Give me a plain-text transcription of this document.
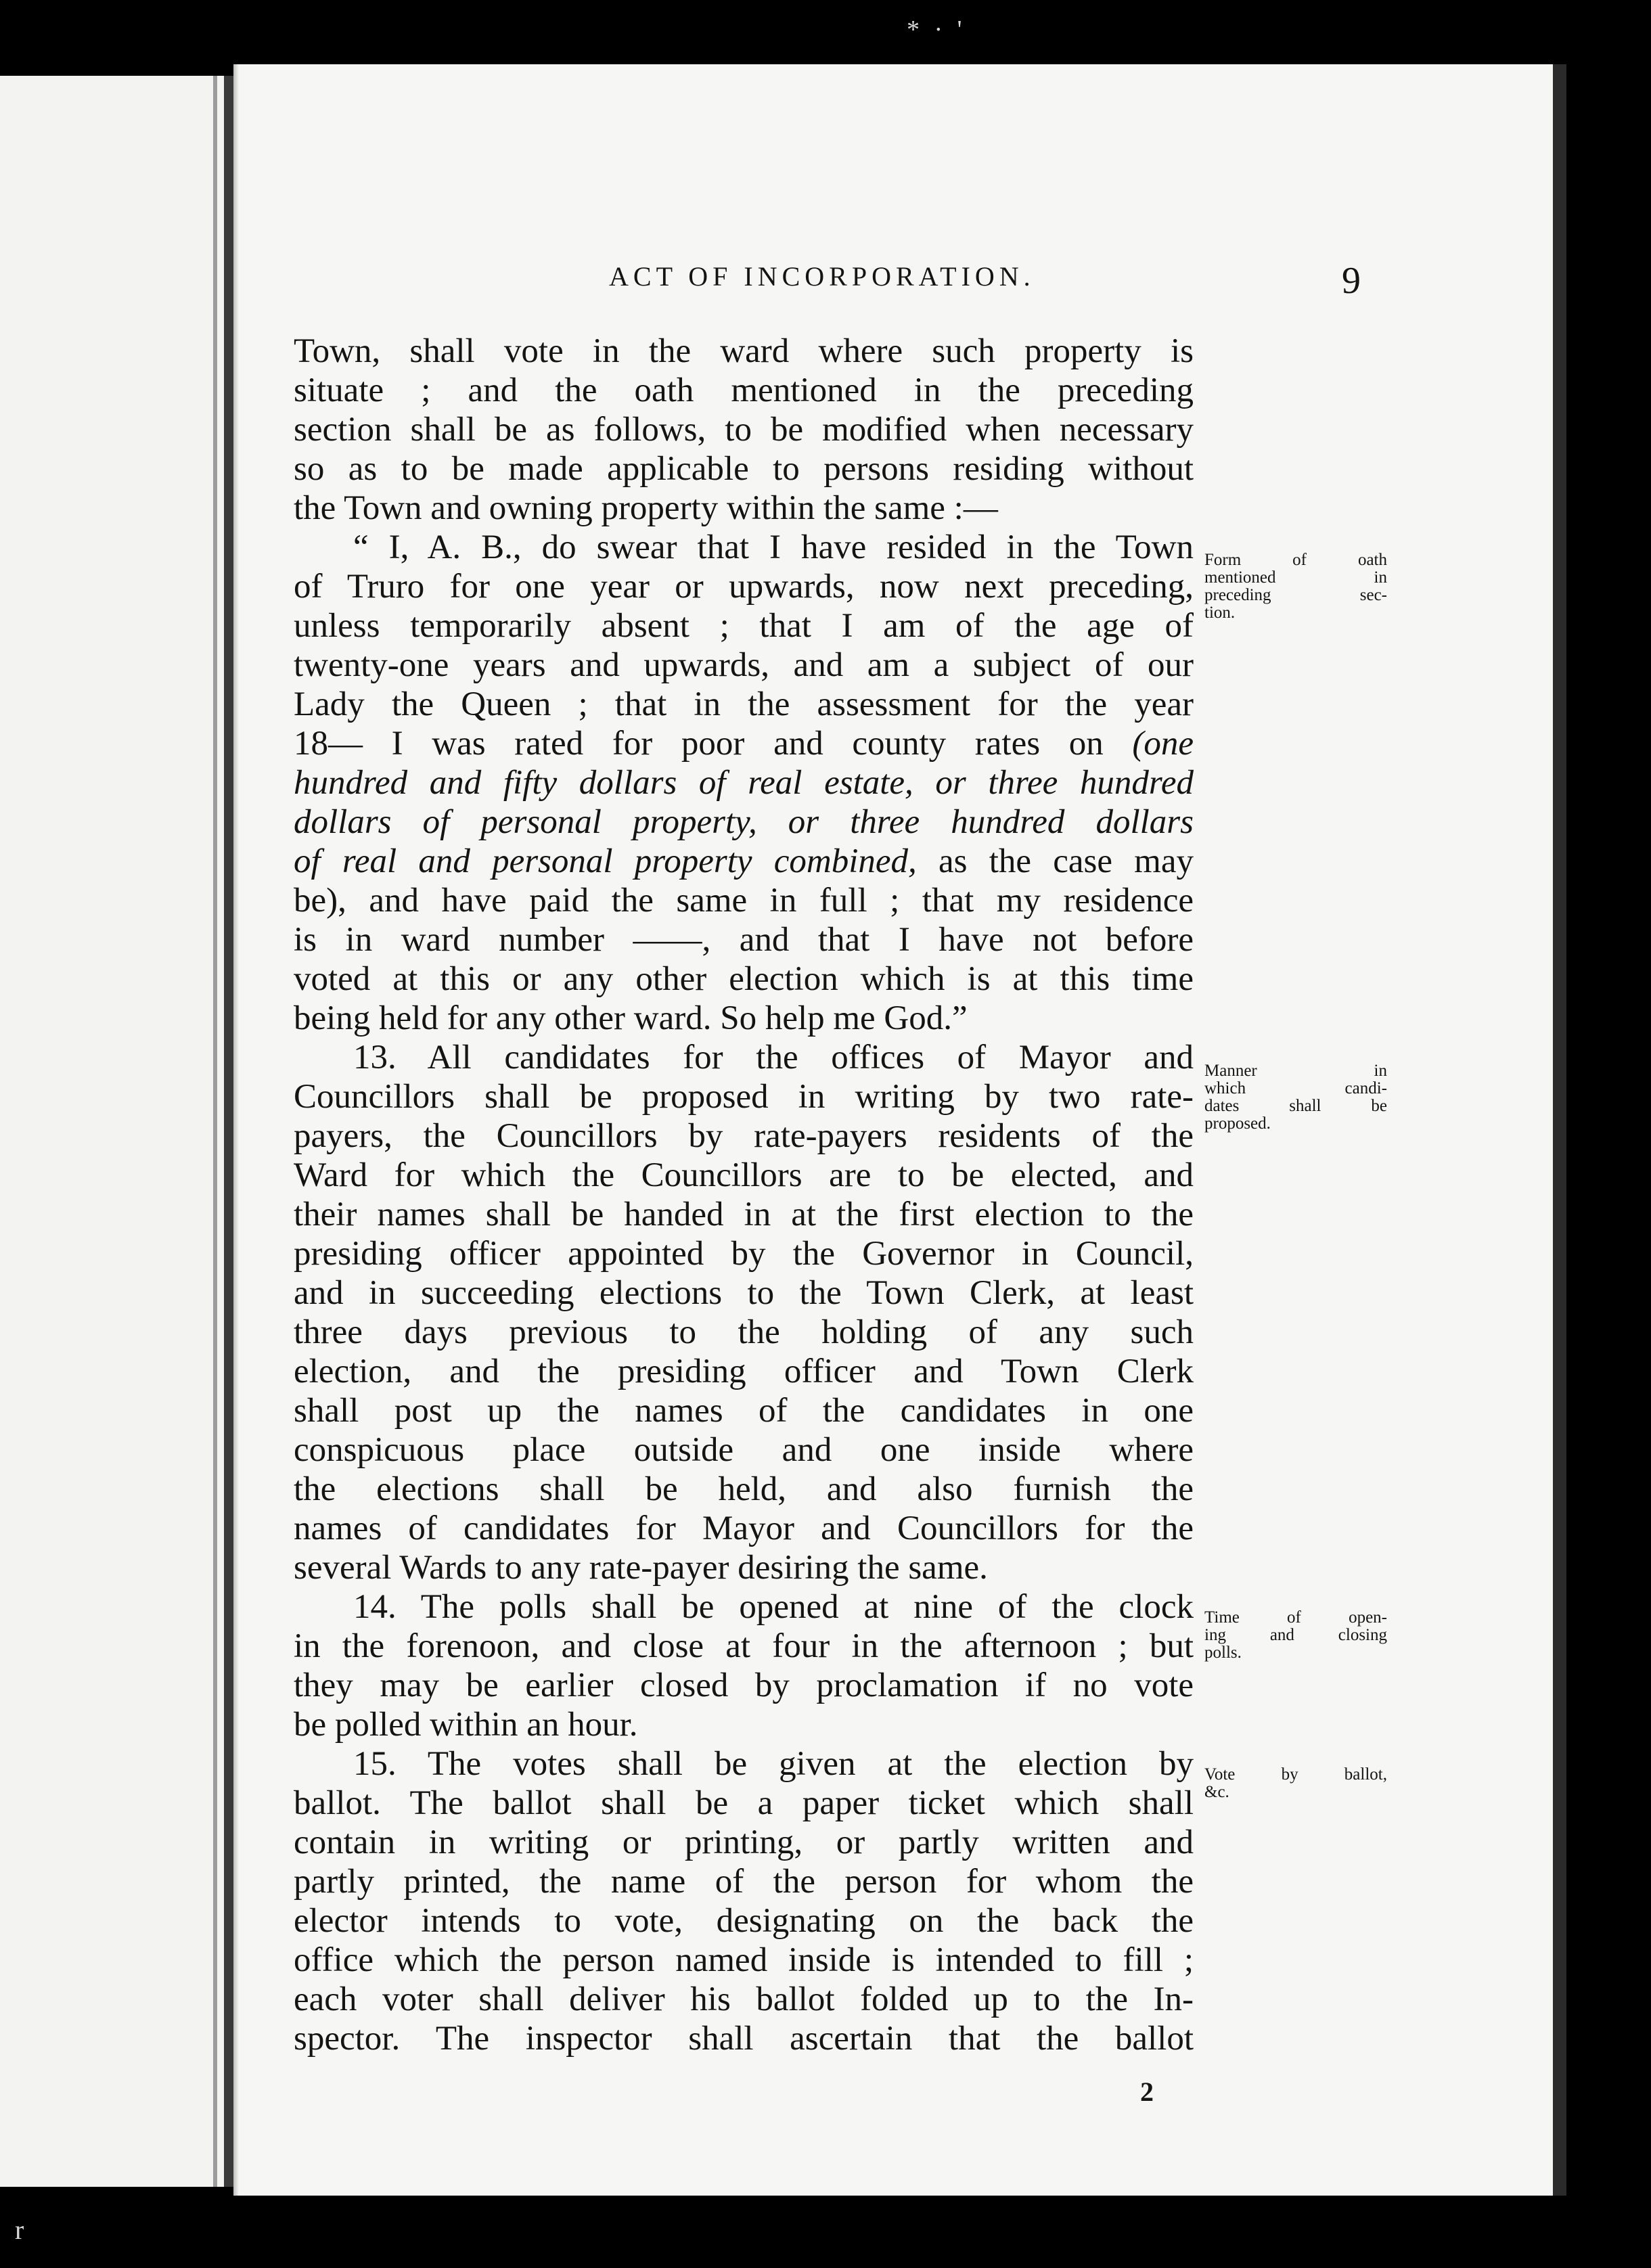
* · '
r
ACT OF INCORPORATION.	9
Town, shall vote in the ward where such property is
situate ; and the oath mentioned in the preceding
section shall be as follows, to be modified when necessary
so as to be made applicable to persons residing without
the Town and owning property within the same :—
“ I, A. B., do swear that I have resided in the Town
of Truro for one year or upwards, now next preceding,
unless temporarily absent ; that I am of the age of
twenty-one years and upwards, and am a subject of our
Lady the Queen ; that in the assessment for the year
18— I was rated for poor and county rates on (one
hundred and fifty dollars of real estate, or three hundred
dollars of personal property, or three hundred dollars
of real and personal property combined, as the case may
be), and have paid the same in full ; that my residence
is in ward number ——, and that I have not before
voted at this or any other election which is at this time
being held for any other ward. So help me God.”
13. All candidates for the offices of Mayor and
Councillors shall be proposed in writing by two rate-
payers, the Councillors by rate-payers residents of the
Ward for which the Councillors are to be elected, and
their names shall be handed in at the first election to the
presiding officer appointed by the Governor in Council,
and in succeeding elections to the Town Clerk, at least
three days previous to the holding of any such
election, and the presiding officer and Town Clerk
shall post up the names of the candidates in one
conspicuous place outside and one inside where
the elections shall be held, and also furnish the
names of candidates for Mayor and Councillors for the
several Wards to any rate-payer desiring the same.
14. The polls shall be opened at nine of the clock
in the forenoon, and close at four in the afternoon ; but
they may be earlier closed by proclamation if no vote
be polled within an hour.
15. The votes shall be given at the election by
ballot. The ballot shall be a paper ticket which shall
contain in writing or printing, or partly written and
partly printed, the name of the person for whom the
elector intends to vote, designating on the back the
office which the person named inside is intended to fill ;
each voter shall deliver his ballot folded up to the In-
spector. The inspector shall ascertain that the ballot
Form of oath
mentioned in
preceding sec-
tion.
Manner in
which candi-
dates shall be
proposed.
Time of open-
ing and closing
polls.
Vote by ballot,
&c.
2
